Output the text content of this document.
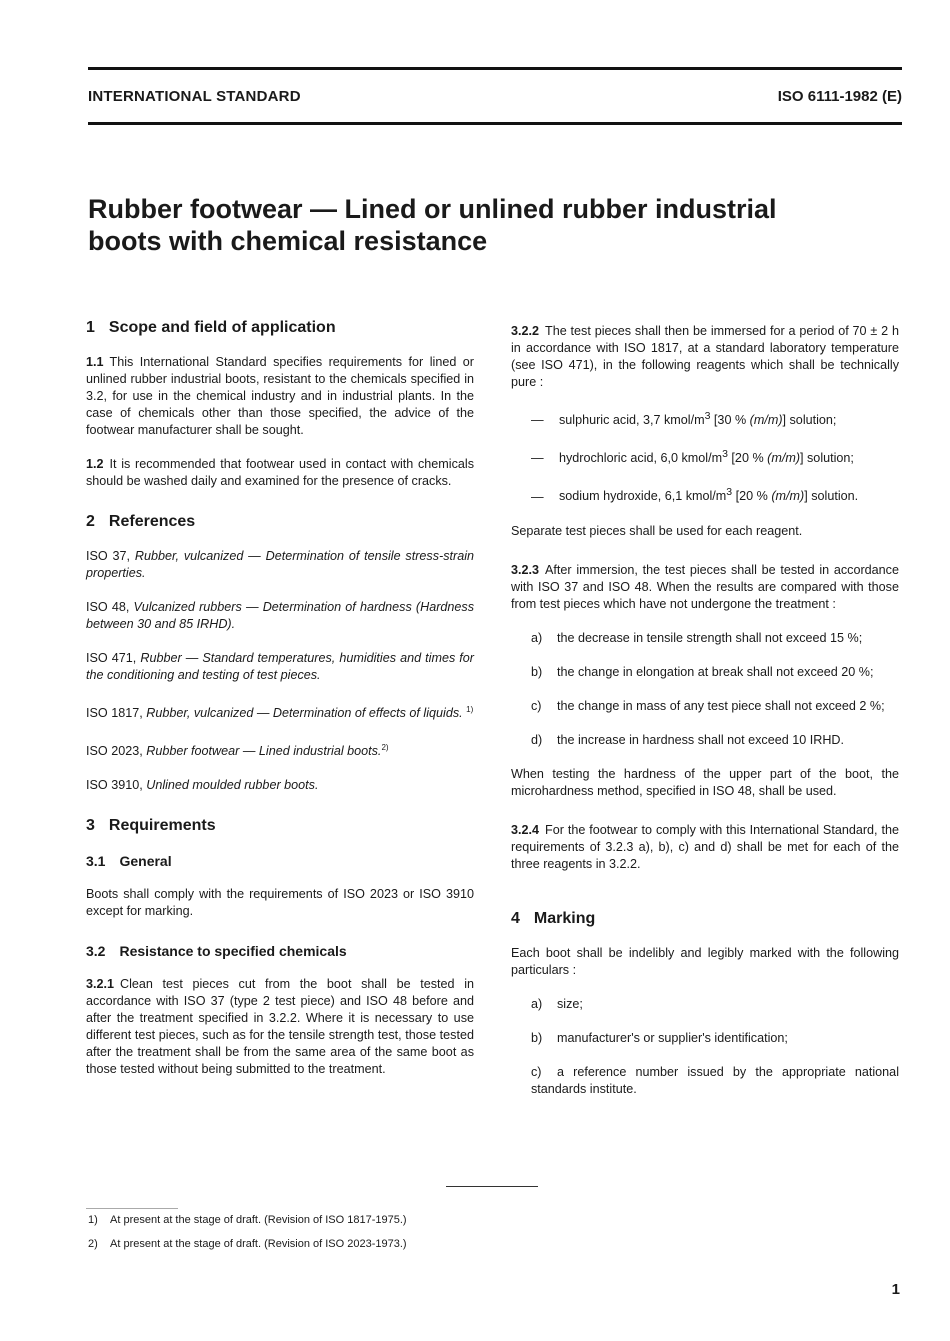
INTERNATIONAL STANDARD	ISO 6111-1982 (E)
Rubber footwear — Lined or unlined rubber industrial
boots with chemical resistance
1 Scope and field of application

1.1 This International Standard specifies requirements for lined or unlined rubber industrial boots, resistant to the chemicals specified in 3.2, for use in the chemical industry and in industrial plants. In the case of chemicals other than those specified, the advice of the footwear manufacturer shall be sought.

1.2 It is recommended that footwear used in contact with chemicals should be washed daily and examined for the presence of cracks.

2 References

ISO 37, Rubber, vulcanized — Determination of tensile stress-strain properties.

ISO 48, Vulcanized rubbers — Determination of hardness (Hardness between 30 and 85 IRHD).

ISO 471, Rubber — Standard temperatures, humidities and times for the conditioning and testing of test pieces.

ISO 1817, Rubber, vulcanized — Determination of effects of liquids. $^{1)}$

ISO 2023, Rubber footwear — Lined industrial boots.$^{2)}$

ISO 3910, Unlined moulded rubber boots.

3 Requirements
3.1 General

Boots shall comply with the requirements of ISO 2023 or ISO 3910 except for marking.

3.2 Resistance to specified chemicals

3.2.1 Clean test pieces cut from the boot shall be tested in accordance with ISO 37 (type 2 test piece) and ISO 48 before and after the treatment specified in 3.2.2. Where it is necessary to use different test pieces, such as for the tensile strength test, those tested after the treatment shall be from the same area of the same boot as those tested without being submitted to the treatment.

3.2.2 The test pieces shall then be immersed for a period of 70 ± 2 h in accordance with ISO 1817, at a standard laboratory temperature (see ISO 471), in the following reagents which shall be technically pure :

— sulphuric acid, 3,7 kmol/$m^3$ [30 % (m/m)] solution;

— hydrochloric acid, 6,0 kmol/$m^3$ [20 % (m/m)] solution;

— sodium hydroxide, 6,1 kmol/$m^3$ [20 % (m/m)] solution.

Separate test pieces shall be used for each reagent.

3.2.3 After immersion, the test pieces shall be tested in accordance with ISO 37 and ISO 48. When the results are compared with those from test pieces which have not undergone the treatment :

a) the decrease in tensile strength shall not exceed 15 %;

b) the change in elongation at break shall not exceed 20 %;

c) the change in mass of any test piece shall not exceed 2 %;

d) the increase in hardness shall not exceed 10 IRHD.

When testing the hardness of the upper part of the boot, the microhardness method, specified in ISO 48, shall be used.

3.2.4 For the footwear to comply with this International Standard, the requirements of 3.2.3 a), b), c) and d) shall be met for each of the three reagents in 3.2.2.

4 Marking

Each boot shall be indelibly and legibly marked with the following particulars :

a) size;

b) manufacturer's or supplier's identification;

c) a reference number issued by the appropriate national standards institute.

1) At present at the stage of draft. (Revision of ISO 1817-1975.)
2) At present at the stage of draft. (Revision of ISO 2023-1973.)
1
